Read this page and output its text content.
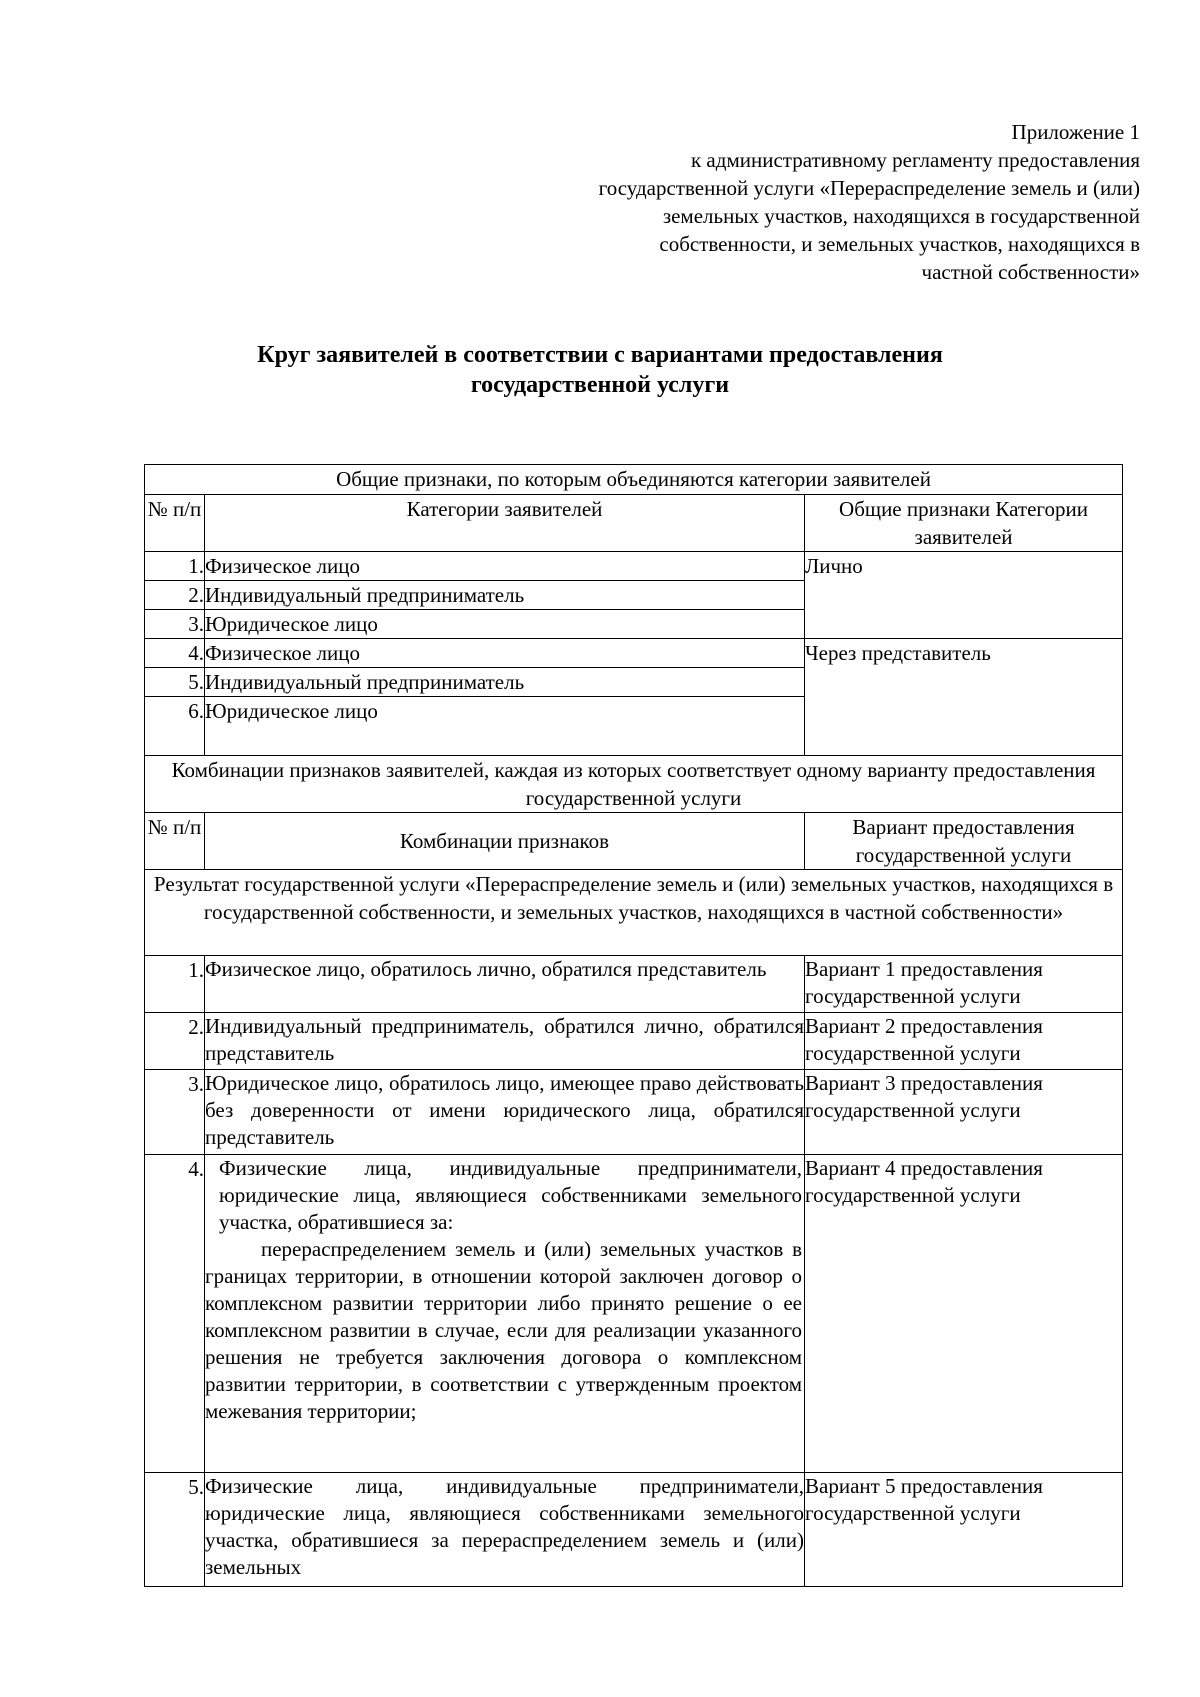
Приложение 1
к административному регламенту предоставления
государственной услуги «Перераспределение земель и (или)
земельных участков, находящихся в государственной
собственности, и земельных участков, находящихся в
частной собственности»
Круг заявителей в соответствии с вариантами предоставления
государственной услуги
Общие признаки, по которым объединяются категории заявителей		
№ п/п	Категории заявителей	Общие признаки Категории заявителей
1.	Физическое лицо	Лично
2.	Индивидуальный предприниматель	
3.	Юридическое лицо	
4.	Физическое лицо	Через представитель
5.	Индивидуальный предприниматель	
6.	Юридическое лицо	
Комбинации признаков заявителей, каждая из которых соответствует одному варианту предоставления государственной услуги		
№ п/п	Комбинации признаков	Вариант предоставления государственной услуги
Результат государственной услуги «Перераспределение земель и (или) земельных участков, находящихся в государственной собственности, и земельных участков, находящихся в частной собственности»		
1.	Физическое лицо, обратилось лично, обратился представитель	Вариант 1 предоставления государственной услуги
2.	Индивидуальный предприниматель, обратился лично, обратился представитель	Вариант 2 предоставления государственной услуги
3.	Юридическое лицо, обратилось лицо, имеющее право действовать без доверенности от имени юридического лица, обратился представитель	Вариант 3 предоставления государственной услуги
4.	Физические лица, индивидуальные предприниматели, юридические лица, являющиеся собственниками земельного участка, обратившиеся за:
перераспределением земель и (или) земельных участков в границах территории, в отношении которой заключен договор о комплексном развитии территории либо принято решение о ее комплексном развитии в случае, если для реализации указанного решения не требуется заключения договора о комплексном развитии территории, в соответствии с утвержденным проектом межевания территории;	Вариант 4 предоставления государственной услуги
5.	Физические лица, индивидуальные предприниматели, юридические лица, являющиеся собственниками земельного участка, обратившиеся за перераспределением земель и (или) земельных	Вариант 5 предоставления государственной услуги
